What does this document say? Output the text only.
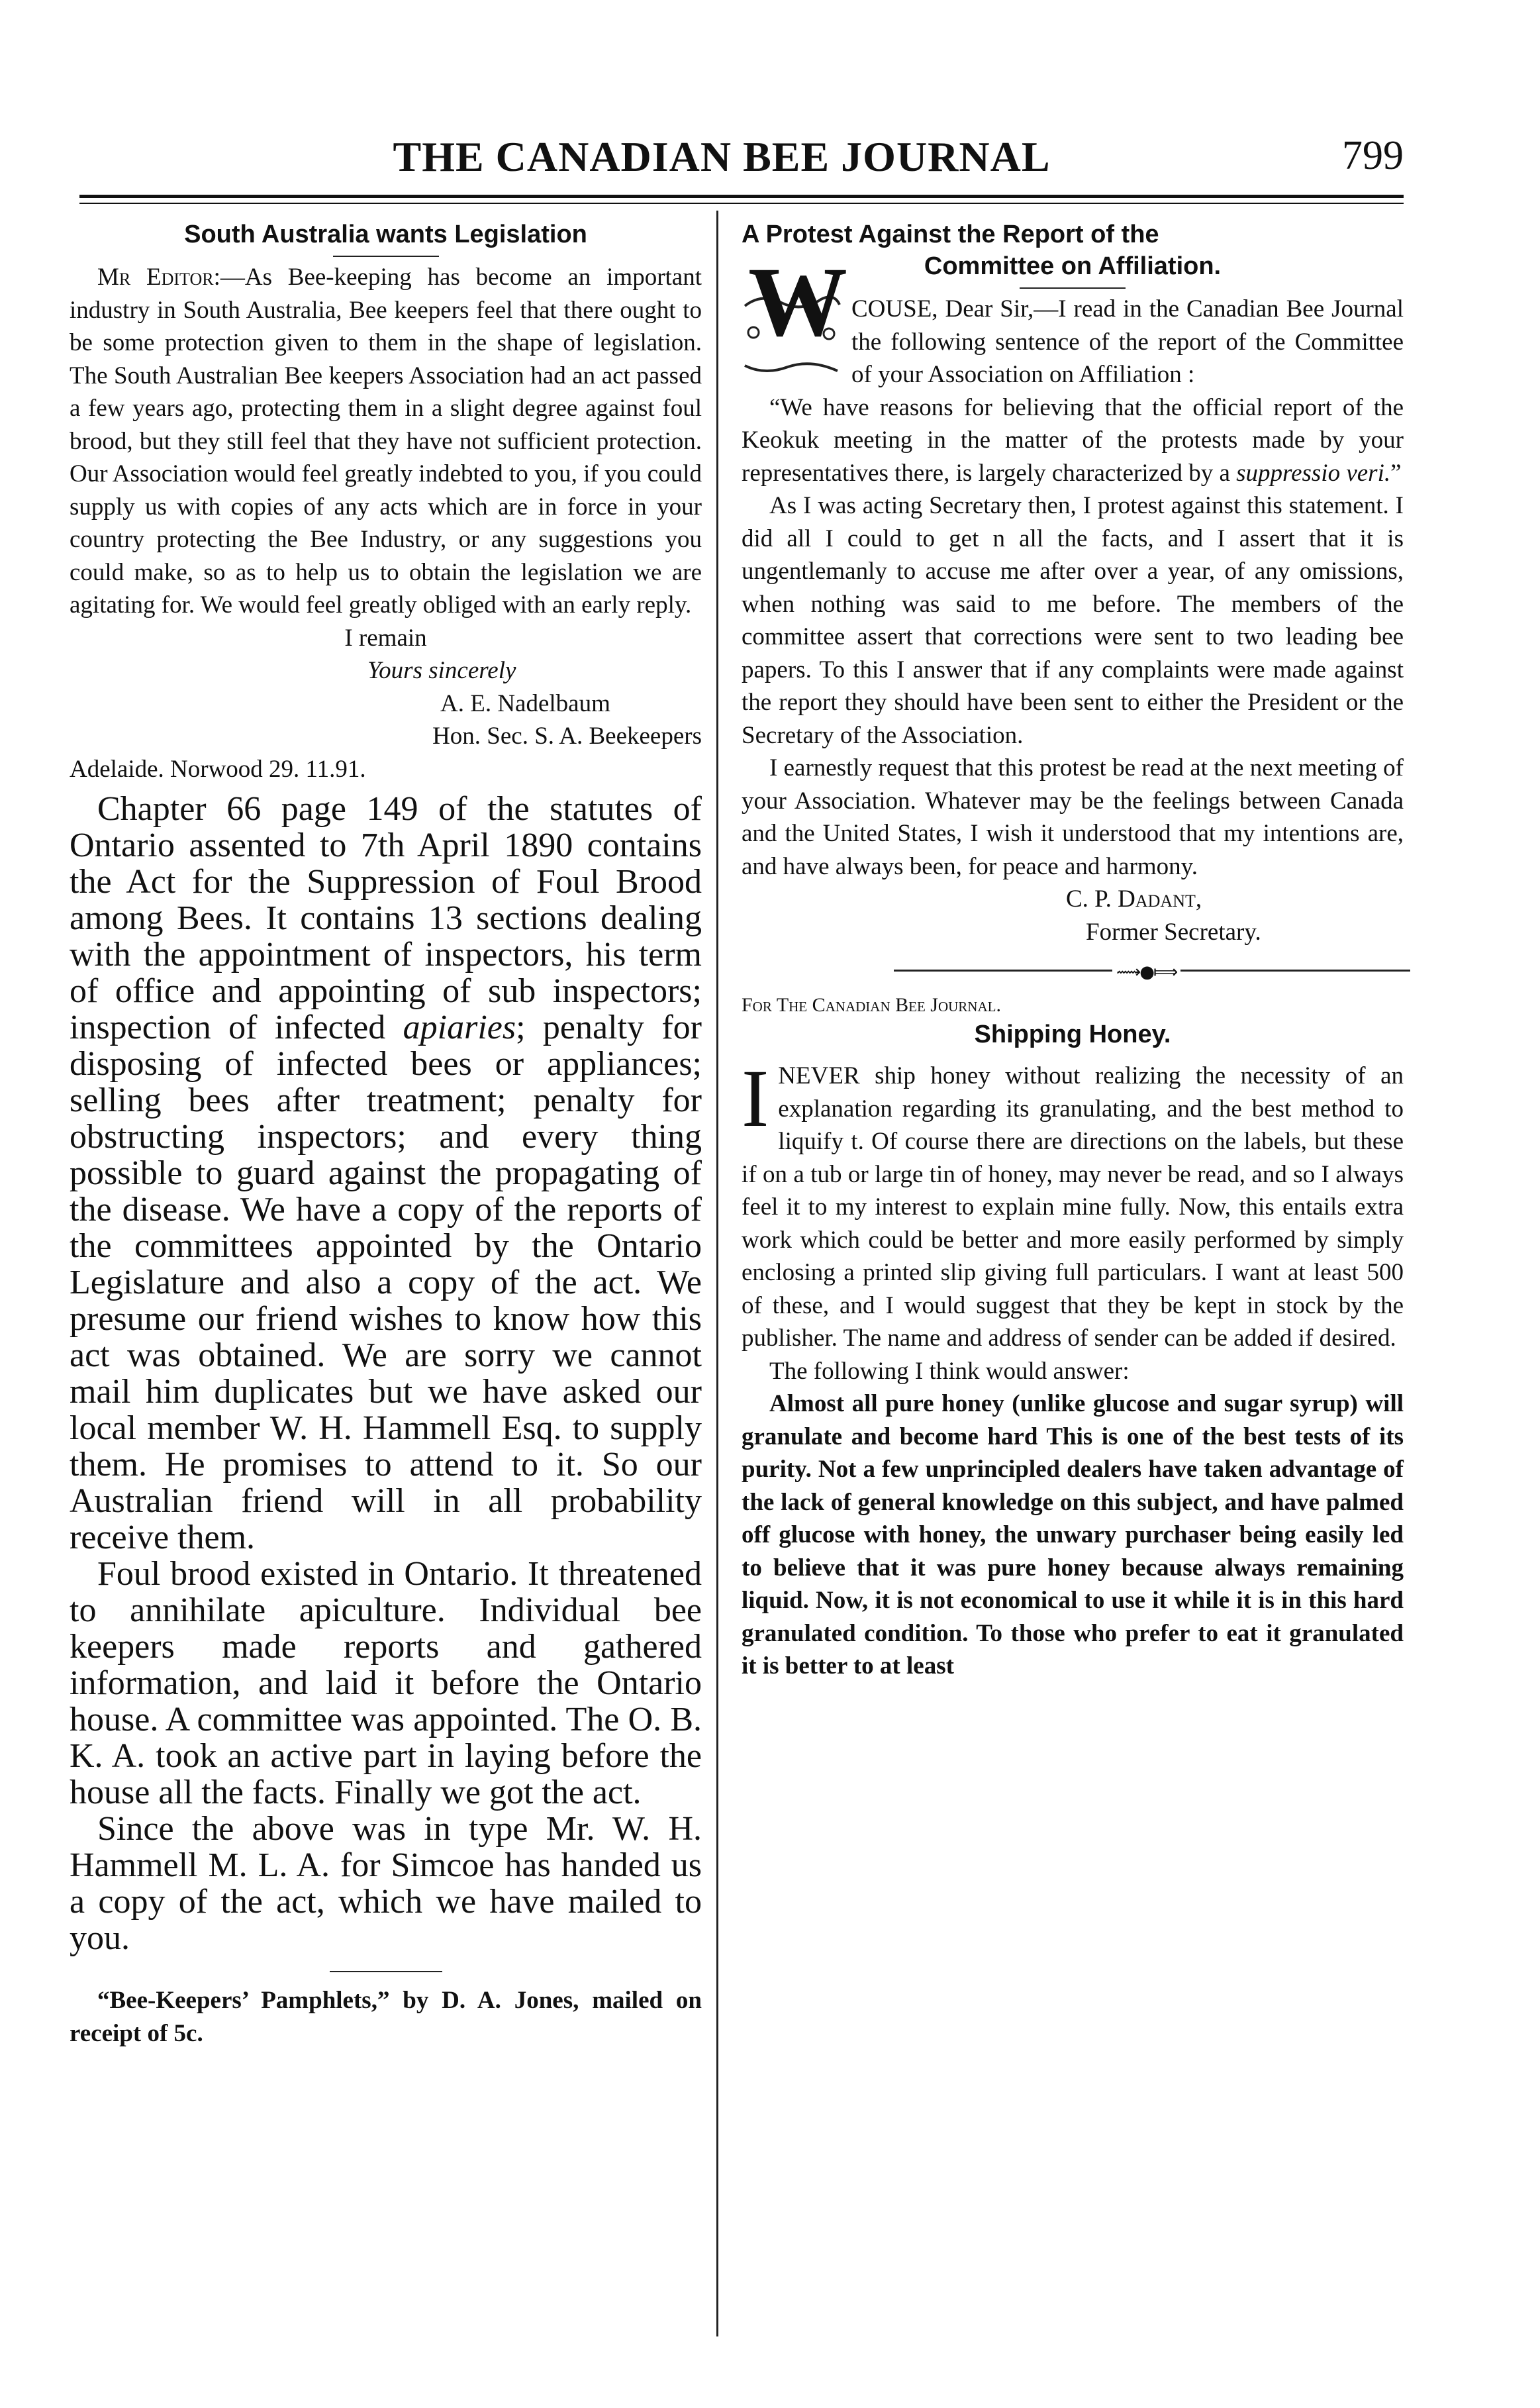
THE CANADIAN BEE JOURNAL	799
South Australia wants Legislation

Mr Editor:—As Bee-keeping has become an important industry in South Australia, Bee keepers feel that there ought to be some protection given to them in the shape of legislation. The South Australian Bee keepers Association had an act passed a few years ago, protecting them in a slight degree against foul brood, but they still feel that they have not sufficient protection. Our Association would feel greatly indebted to you, if you could supply us with copies of any acts which are in force in your country protecting the Bee Industry, or any suggestions you could make, so as to help us to obtain the legislation we are agitating for. We would feel greatly obliged with an early reply.

I remain

Yours sincerely

A. E. Nadelbaum

Hon. Sec. S. A. Beekeepers

Adelaide. Norwood 29. 11.91.

Chapter 66 page 149 of the statutes of Ontario assented to 7th April 1890 contains the Act for the Suppression of Foul Brood among Bees. It contains 13 sections dealing with the appointment of inspectors, his term of office and appointing of sub inspectors; inspection of infected apiaries; penalty for disposing of infected bees or appliances; selling bees after treatment; penalty for obstructing inspectors; and every thing possible to guard against the propagating of the disease. We have a copy of the reports of the committees appointed by the Ontario Legislature and also a copy of the act. We presume our friend wishes to know how this act was obtained. We are sorry we cannot mail him duplicates but we have asked our local member W. H. Hammell Esq. to supply them. He promises to attend to it. So our Australian friend will in all probability receive them.

Foul brood existed in Ontario. It threatened to annihilate apiculture. Individual bee keepers made reports and gathered information, and laid it before the Ontario house. A committee was appointed. The O. B. K. A. took an active part in laying before the house all the facts. Finally we got the act.

Since the above was in type Mr. W. H. Hammell M. L. A. for Simcoe has handed us a copy of the act, which we have mailed to you.

“Bee-Keepers’ Pamphlets,” by D. A. Jones, mailed on receipt of 5c.

A Protest Against the Report of the
Committee on Affiliation.
W COUSE, Dear Sir,—I read in the Canadian Bee Journal the following sentence of the report of the Committee of your Association on Affiliation :

“We have reasons for believing that the official report of the Keokuk meeting in the matter of the protests made by your representatives there, is largely characterized by a suppressio veri.”

As I was acting Secretary then, I protest against this statement. I did all I could to get n all the facts, and I assert that it is ungentlemanly to accuse me after over a year, of any omissions, when nothing was said to me before. The members of the committee assert that corrections were sent to two leading bee papers. To this I answer that if any complaints were made against the report they should have been sent to either the President or the Secretary of the Association.

I earnestly request that this protest be read at the next meeting of your Association. Whatever may be the feelings between Canada and the United States, I wish it understood that my intentions are, and have always been, for peace and harmony.

C. P. Dadant,

Former Secretary.

⟿●⟾

For The Canadian Bee Journal.

Shipping Honey.
I NEVER ship honey without realizing the necessity of an explanation regarding its granulating, and the best method to liquify t. Of course there are directions on the labels, but these if on a tub or large tin of honey, may never be read, and so I always feel it to my interest to explain mine fully. Now, this entails extra work which could be better and more easily performed by simply enclosing a printed slip giving full particulars. I want at least 500 of these, and I would suggest that they be kept in stock by the publisher. The name and address of sender can be added if desired.

The following I think would answer:

Almost all pure honey (unlike glucose and sugar syrup) will granulate and become hard This is one of the best tests of its purity. Not a few unprincipled dealers have taken advantage of the lack of general knowledge on this subject, and have palmed off glucose with honey, the unwary purchaser being easily led to believe that it was pure honey because always remaining liquid. Now, it is not economical to use it while it is in this hard granulated condition. To those who prefer to eat it granulated it is better to at least
